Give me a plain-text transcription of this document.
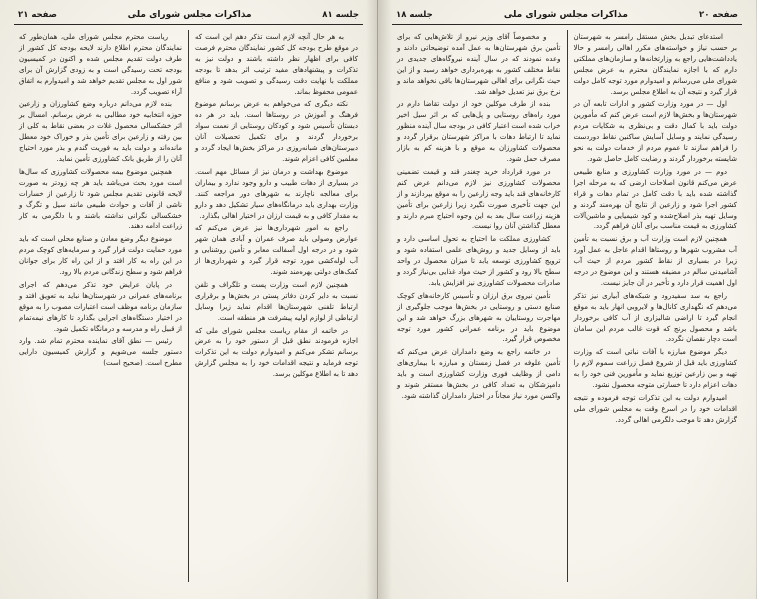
جلسه ۸۱
مذاکرات مجلس شورای ملی
صفحه ۲۱

به هر حال آنچه لازم است تذکر دهم این است که در موقع طرح بودجه کل کشور نمایندگان محترم فرصت کافی برای اظهار نظر داشته باشند و دولت نیز به تذکرات و پیشنهادهای مفید ترتیب اثر بدهد تا بودجه مملکت با نهایت دقت رسیدگی و تصویب شود و منافع عمومی محفوظ بماند.

نکته دیگری که می‌خواهم به عرض برسانم موضوع فرهنگ و آموزش در روستاها است. باید در هر ده دبستان تأسیس شود و کودکان روستایی از نعمت سواد برخوردار گردند و برای تکمیل تحصیلات آنان دبیرستان‌های شبانه‌روزی در مراکز بخش‌ها ایجاد گردد و معلمین کافی اعزام شوند.

موضوع بهداشت و درمان نیز از مسائل مهم است. در بسیاری از دهات طبیب و دارو وجود ندارد و بیماران برای معالجه ناچارند به شهرهای دور مراجعه کنند. وزارت بهداری باید درمانگاه‌های سیار تشکیل دهد و دارو به مقدار کافی و به قیمت ارزان در اختیار اهالی بگذارد.

راجع به امور شهرداری‌ها نیز عرض می‌کنم که عوارض وصولی باید صرف عمران و آبادی همان شهر شود و در درجه اول آسفالت معابر و تأمین روشنایی و آب لوله‌کشی مورد توجه قرار گیرد و شهرداری‌ها از کمک‌های دولتی بهره‌مند شوند.

همچنین لازم است وزارت پست و تلگراف و تلفن نسبت به دایر کردن دفاتر پستی در بخش‌ها و برقراری ارتباط تلفنی شهرستان‌ها اقدام نماید زیرا وسایل ارتباطی از لوازم اولیه پیشرفت هر منطقه است.

در خاتمه از مقام ریاست مجلس شورای ملی که اجازه فرمودند نطق قبل از دستور خود را به عرض برسانم تشکر می‌کنم و امیدوارم دولت به این تذکرات توجه فرماید و نتیجه اقدامات خود را به مجلس گزارش دهد تا به اطلاع موکلین برسد.

ریاست محترم مجلس شورای ملی، همان‌طور که نمایندگان محترم اطلاع دارند لایحه بودجه کل کشور از طرف دولت تقدیم مجلس شده و اکنون در کمیسیون بودجه تحت رسیدگی است و به زودی گزارش آن برای شور اول به مجلس تقدیم خواهد شد و امیدوارم به اتفاق آراء تصویب گردد.

بنده لازم می‌دانم درباره وضع کشاورزان و زارعین حوزه انتخابیه خود مطالبی به عرض برسانم. امسال بر اثر خشکسالی محصول غلات در بعضی نقاط به کلی از بین رفته و زارعین برای تأمین بذر و خوراک خود معطل مانده‌اند و دولت باید به فوریت گندم و بذر مورد احتیاج آنان را از طریق بانک کشاورزی تأمین نماید.

همچنین موضوع بیمه محصولات کشاورزی که سال‌ها است مورد بحث می‌باشد باید هر چه زودتر به صورت لایحه قانونی تقدیم مجلس شود تا زارعین از خسارات ناشی از آفات و حوادث طبیعی مانند سیل و تگرگ و خشکسالی نگرانی نداشته باشند و با دلگرمی به کار زراعت ادامه دهند.

موضوع دیگر وضع معادن و صنایع محلی است که باید مورد حمایت دولت قرار گیرد و سرمایه‌های کوچک مردم در این راه به کار افتد و از این راه کار برای جوانان فراهم شود و سطح زندگانی مردم بالا رود.

در پایان عرایض خود تذکر می‌دهم که اجرای برنامه‌های عمرانی در شهرستان‌ها نباید به تعویق افتد و سازمان برنامه موظف است اعتبارات مصوب را به موقع در اختیار دستگاه‌های اجرایی بگذارد تا کارهای نیمه‌تمام از قبیل راه و مدرسه و درمانگاه تکمیل شود.

رئیس — نطق آقای نماینده محترم تمام شد. وارد دستور جلسه می‌شویم و گزارش کمیسیون دارایی مطرح است. (صحیح است)

صفحه ۲۰
مذاکرات مجلس شورای ملی
جلسه ۱۸

استدعای تبدیل بخش مستقل رامسر به شهرستان بر حسب نیاز و خواسته‌های مکرر اهالی رامسر و حالا یادداشت‌هایی راجع به وزارتخانه‌ها و سازمان‌های مملکتی دارم که با اجازه نمایندگان محترم به عرض مجلس شورای ملی می‌رسانم و امیدوارم مورد توجه کامل دولت قرار گیرد و نتیجه آن به اطلاع مجلس برسد.

اول — در مورد وزارت کشور و ادارات تابعه آن در شهرستان‌ها و بخش‌ها لازم است عرض کنم که مأمورین دولت باید با کمال دقت و بی‌نظری به شکایات مردم رسیدگی نمایند و وسایل آسایش ساکنین نقاط دوردست را فراهم سازند تا عموم مردم از خدمات دولت به نحو شایسته برخوردار گردند و رضایت کامل حاصل شود.

دوم — در مورد وزارت کشاورزی و منابع طبیعی عرض می‌کنم قانون اصلاحات ارضی که به مرحله اجرا گذاشته شده باید با دقت کامل در تمام دهات و قراء کشور اجرا شود و زارعین از نتایج آن بهره‌مند گردند و وسایل تهیه بذر اصلاح‌شده و کود شیمیایی و ماشین‌آلات کشاورزی به قیمت مناسب برای آنان فراهم گردد.

همچنین لازم است وزارت آب و برق نسبت به تأمین آب مشروب شهرها و روستاها اقدام عاجل به عمل آورد زیرا در بسیاری از نقاط کشور مردم از حیث آب آشامیدنی سالم در مضیقه هستند و این موضوع در درجه اول اهمیت قرار دارد و تأخیر در آن جایز نیست.

راجع به سد سفیدرود و شبکه‌های آبیاری نیز تذکر می‌دهم که نگهداری کانال‌ها و لایروبی انهار باید به موقع انجام گیرد تا اراضی شالیزاری از آب کافی برخوردار باشد و محصول برنج که قوت غالب مردم این سامان است دچار نقصان نگردد.

دیگر موضوع مبارزه با آفات نباتی است که وزارت کشاورزی باید قبل از شروع فصل زراعت سموم لازم را تهیه و بین زارعین توزیع نماید و مأمورین فنی خود را به دهات اعزام دارد تا خسارتی متوجه محصول نشود.

امیدوارم دولت به این تذکرات توجه فرموده و نتیجه اقدامات خود را در اسرع وقت به مجلس شورای ملی گزارش دهد تا موجب دلگرمی اهالی گردد.

و مخصوصاً آقای وزیر نیرو از تلاش‌هایی که برای تأمین برق شهرستان‌ها به عمل آمده توضیحاتی دادند و وعده نمودند که در سال آینده نیروگاه‌های جدیدی در نقاط مختلف کشور به بهره‌برداری خواهد رسید و از این حیث نگرانی برای اهالی شهرستان‌ها باقی نخواهد ماند و نرخ برق نیز تعدیل خواهد شد.

بنده از طرف موکلین خود از دولت تقاضا دارم در مورد راه‌های روستایی و پل‌هایی که بر اثر سیل اخیر خراب شده است اعتبار کافی در بودجه سال آینده منظور نماید تا ارتباط دهات با مراکز شهرستان برقرار گردد و محصولات کشاورزان به موقع و با هزینه کم به بازار مصرف حمل شود.

در مورد قرارداد خرید چغندر قند و قیمت تضمینی محصولات کشاورزی نیز لازم می‌دانم عرض کنم کارخانه‌های قند باید وجه زارعین را به موقع بپردازند و از این جهت تأخیری صورت نگیرد زیرا زارعین برای تأمین هزینه زراعت سال بعد به این وجوه احتیاج مبرم دارند و معطل گذاشتن آنان روا نیست.

کشاورزی مملکت ما احتیاج به تحول اساسی دارد و باید از وسایل جدید و روش‌های علمی استفاده شود و ترویج کشاورزی توسعه یابد تا میزان محصول در واحد سطح بالا رود و کشور از حیث مواد غذایی بی‌نیاز گردد و صادرات محصولات کشاورزی نیز افزایش یابد.

تأمین نیروی برق ارزان و تأسیس کارخانه‌های کوچک صنایع دستی و روستایی در بخش‌ها موجب جلوگیری از مهاجرت روستاییان به شهرهای بزرگ خواهد شد و این موضوع باید در برنامه عمرانی کشور مورد توجه مخصوص قرار گیرد.

در خاتمه راجع به وضع دامداران عرض می‌کنم که تأمین علوفه در فصل زمستان و مبارزه با بیماری‌های دامی از وظایف فوری وزارت کشاورزی است و باید دامپزشکان به تعداد کافی در بخش‌ها مستقر شوند و واکسن مورد نیاز مجاناً در اختیار دامداران گذاشته شود.
